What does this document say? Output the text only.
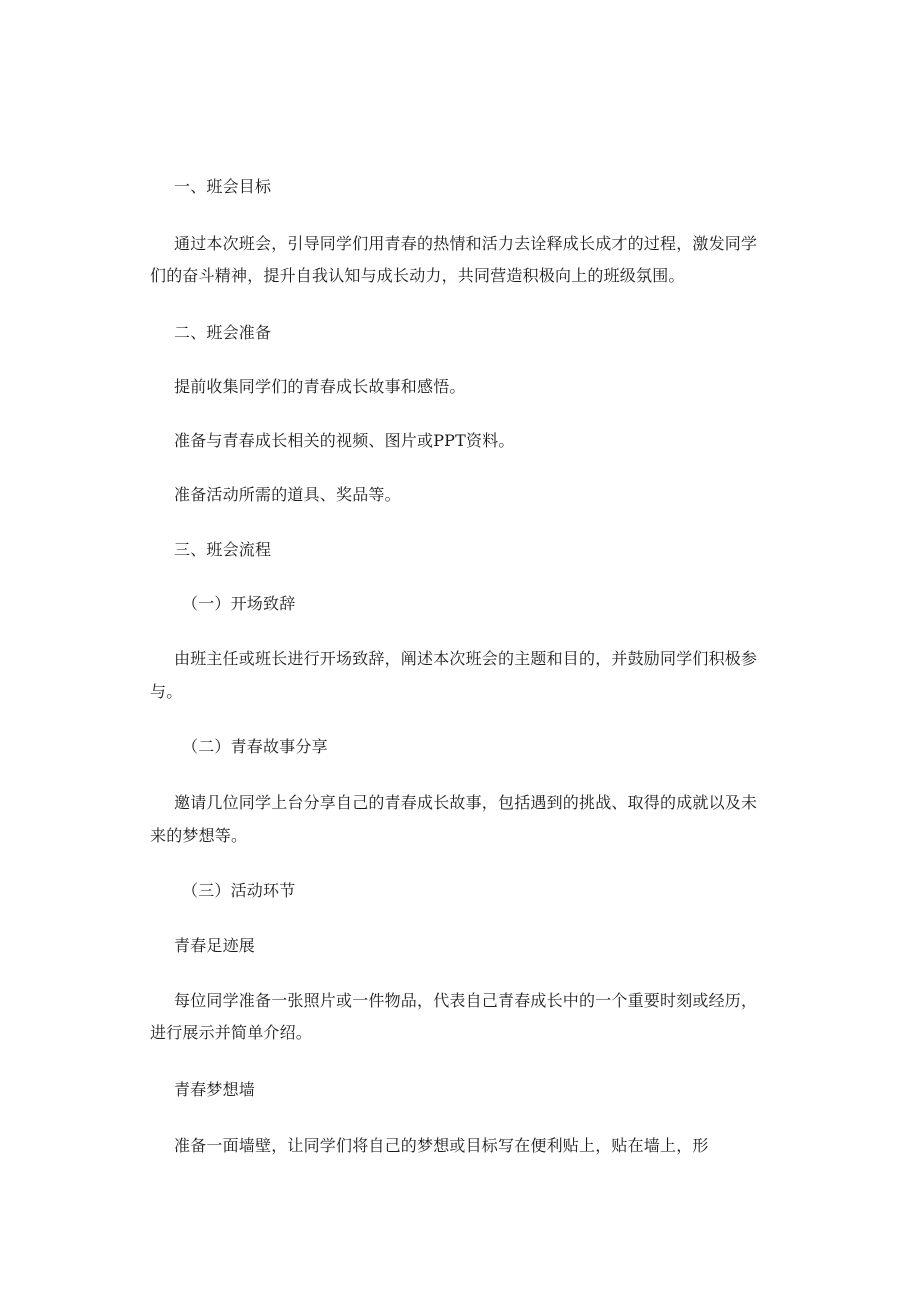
一、班会目标

通过本次班会，引导同学们用青春的热情和活力去诠释成长成才的过程，激发同学

们的奋斗精神，提升自我认知与成长动力，共同营造积极向上的班级氛围。

二、班会准备

提前收集同学们的青春成长故事和感悟。

准备与青春成长相关的视频、图片或PPT资料。

准备活动所需的道具、奖品等。

三、班会流程

（一）开场致辞

由班主任或班长进行开场致辞，阐述本次班会的主题和目的，并鼓励同学们积极参

与。

（二）青春故事分享

邀请几位同学上台分享自己的青春成长故事，包括遇到的挑战、取得的成就以及未

来的梦想等。

（三）活动环节

青春足迹展

每位同学准备一张照片或一件物品，代表自己青春成长中的一个重要时刻或经历，

进行展示并简单介绍。

青春梦想墙

准备一面墙壁，让同学们将自己的梦想或目标写在便利贴上，贴在墙上，形
